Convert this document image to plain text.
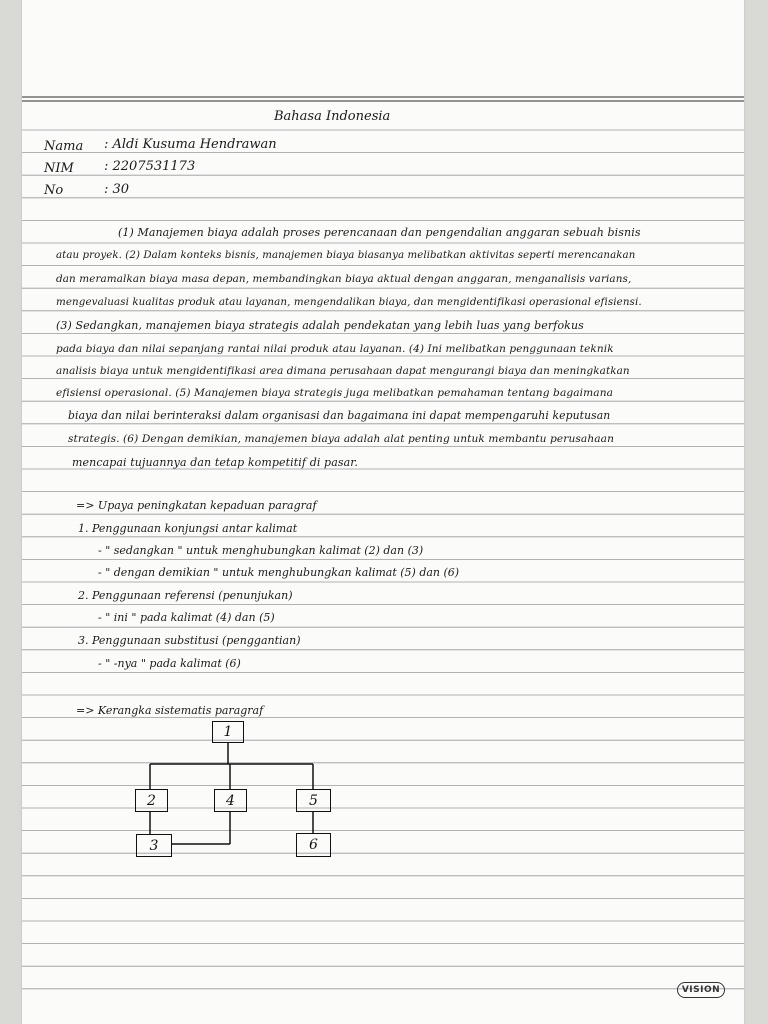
Bahasa Indonesia
Nama : Aldi Kusuma Hendrawan
NIM : 2207531173
No	: 30
(1) Manajemen biaya adalah proses perencanaan dan pengendalian anggaran sebuah bisnis
atau proyek. (2) Dalam konteks bisnis, manajemen biaya biasanya melibatkan aktivitas seperti merencanakan
dan meramalkan biaya masa depan, membandingkan biaya aktual dengan anggaran, menganalisis varians,
mengevaluasi kualitas produk atau layanan, mengendalikan biaya, dan mengidentifikasi operasional efisiensi.
(3) Sedangkan, manajemen biaya strategis adalah pendekatan yang lebih luas yang berfokus
pada biaya dan nilai sepanjang rantai nilai produk atau layanan. (4) Ini melibatkan penggunaan teknik
analisis biaya untuk mengidentifikasi area dimana perusahaan dapat mengurangi biaya dan meningkatkan
efisiensi operasional. (5) Manajemen biaya strategis juga melibatkan pemahaman tentang bagaimana
biaya dan nilai berinteraksi dalam organisasi dan bagaimana ini dapat mempengaruhi keputusan
strategis. (6) Dengan demikian, manajemen biaya adalah alat penting untuk membantu perusahaan
mencapai tujuannya dan tetap kompetitif di pasar.
=> Upaya peningkatan kepaduan paragraf
1. Penggunaan konjungsi antar kalimat
- " sedangkan " untuk menghubungkan kalimat (2) dan (3)
- " dengan demikian " untuk menghubungkan kalimat (5) dan (6)
2. Penggunaan referensi (penunjukan)
- " ini " pada kalimat (4) dan (5)
3. Penggunaan substitusi (penggantian)
- " -nya " pada kalimat (6)
=> Kerangka sistematis paragraf
1
2	4	5
3	6
VISION
